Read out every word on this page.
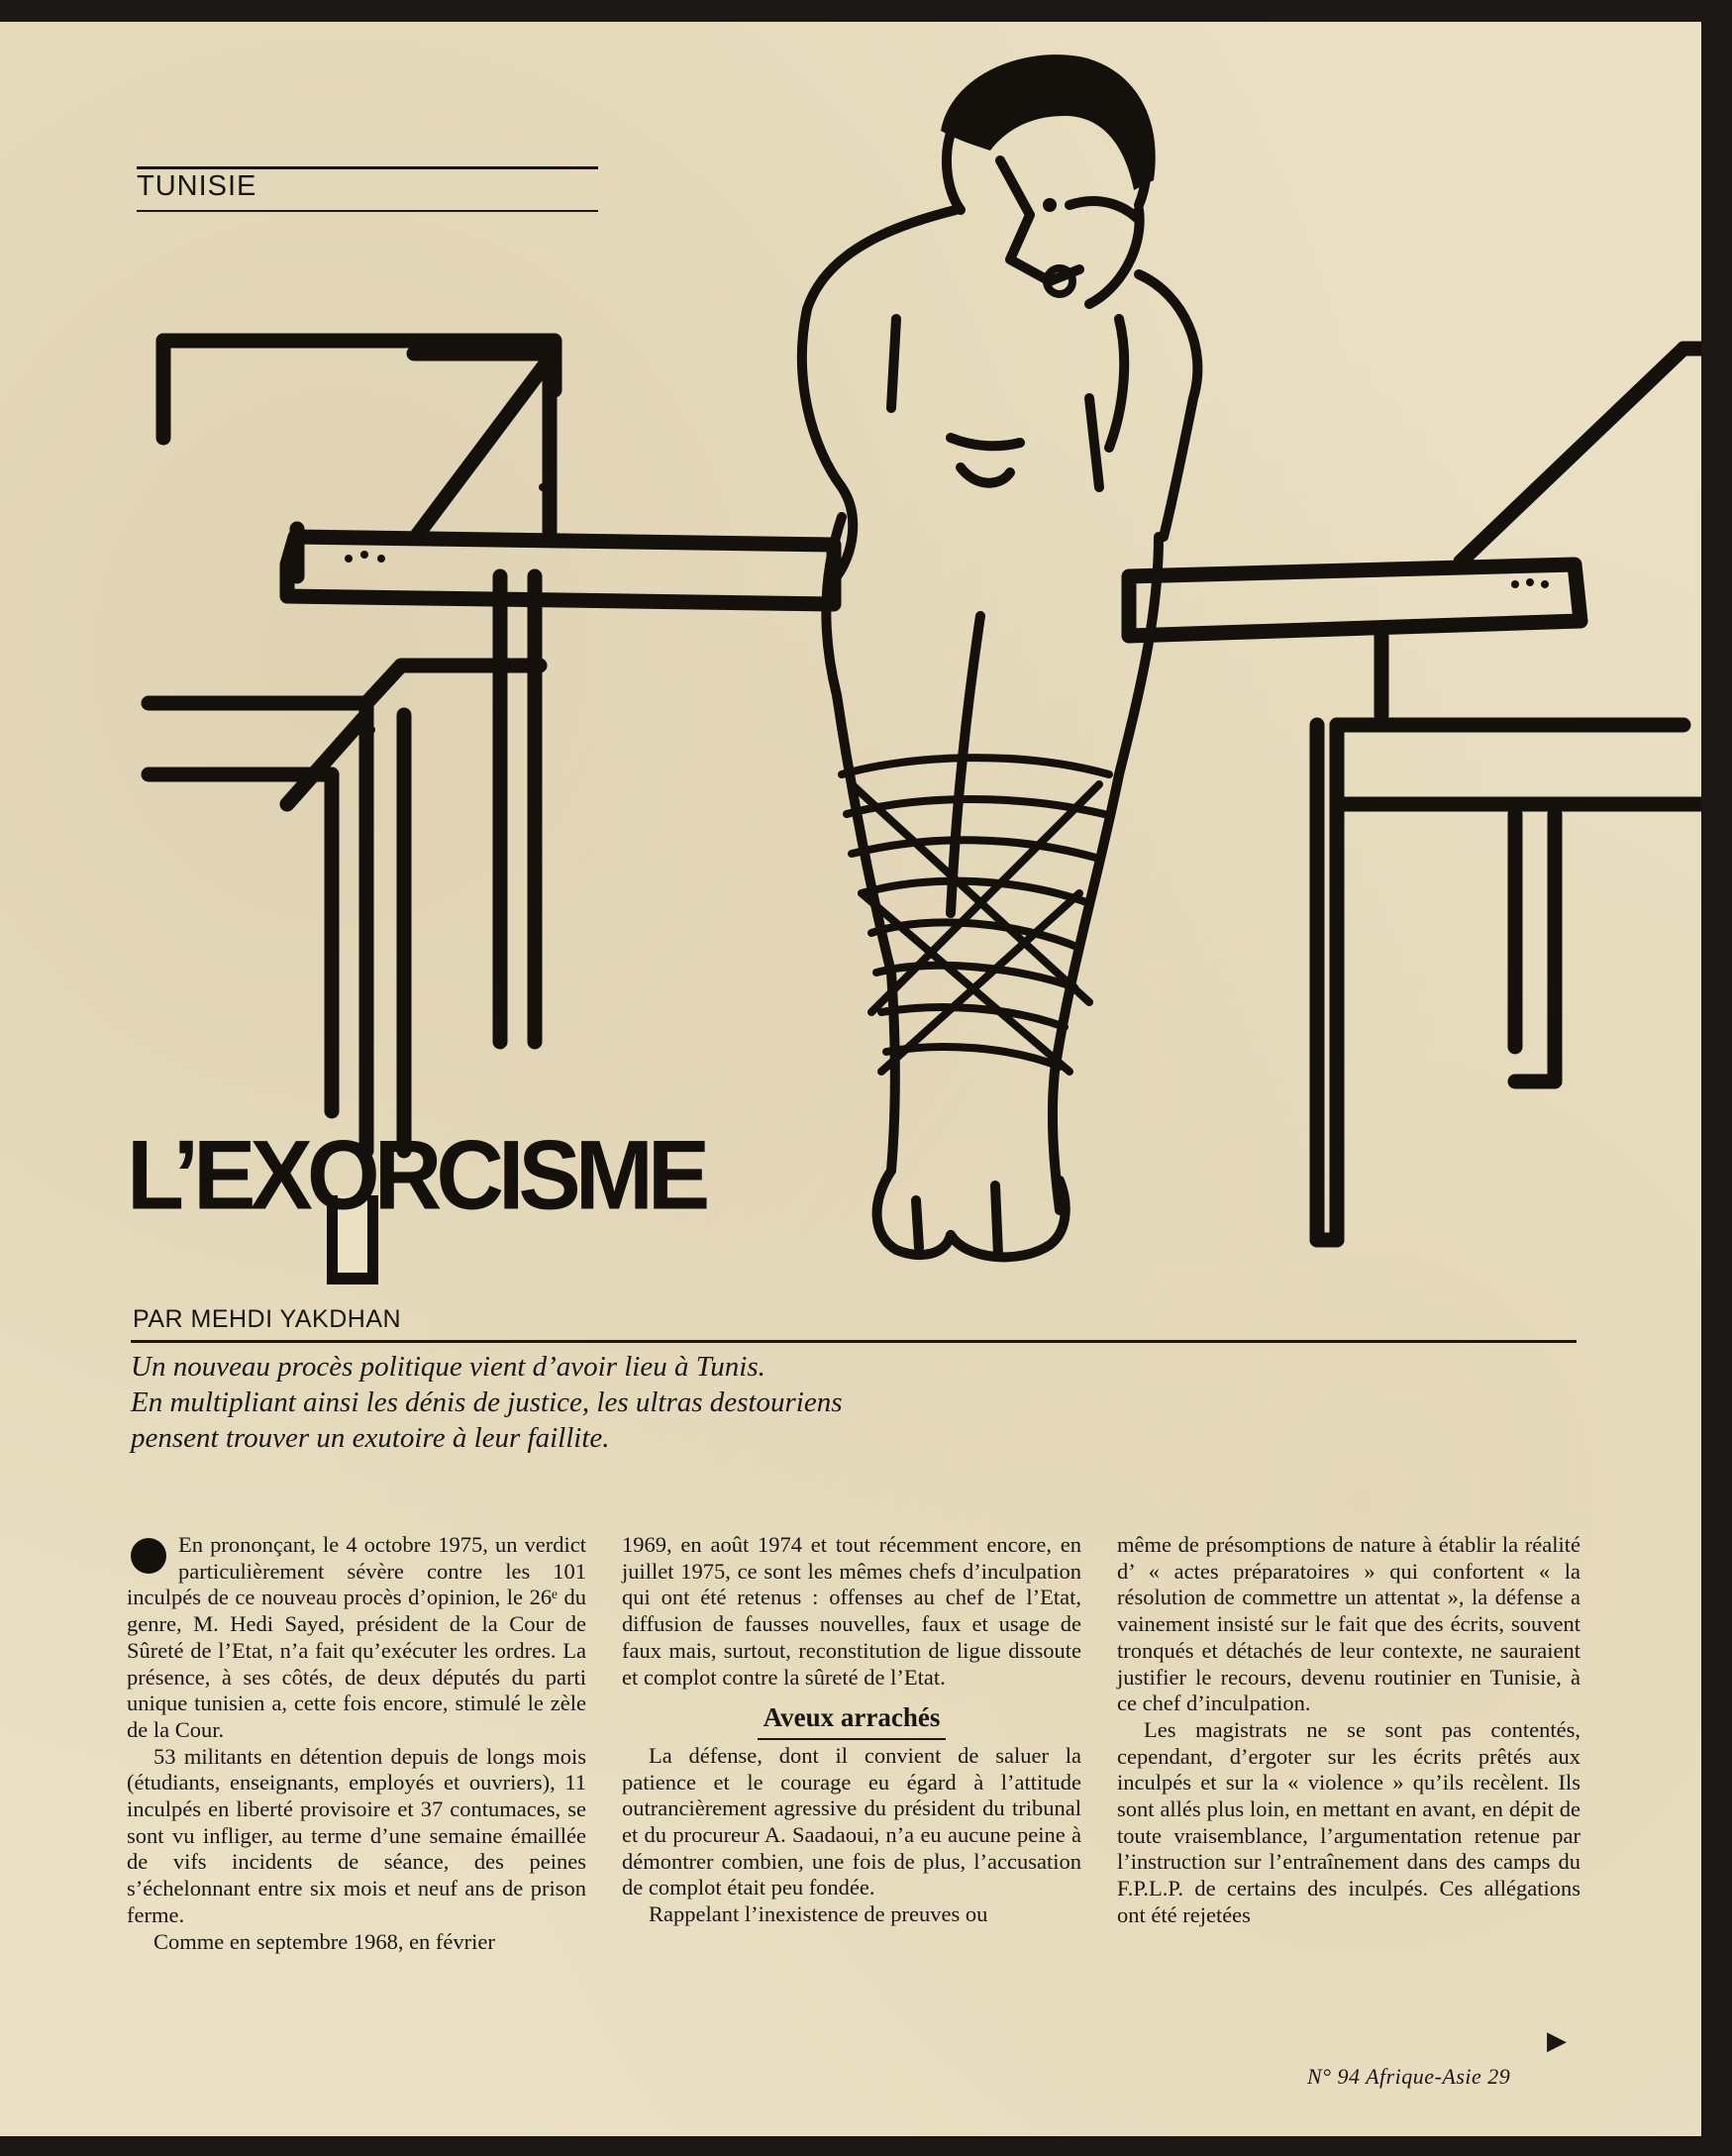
TUNISIE
L’EXORCISME
PAR MEHDI YAKDHAN
Un nouveau procès politique vient d’avoir lieu à Tunis.
En multipliant ainsi les dénis de justice, les ultras destouriens
pensent trouver un exutoire à leur faillite.

En prononçant, le 4 octobre 1975, un verdict particulièrement sévère contre les 101 inculpés de ce nouveau procès d’opinion, le 26ᵉ du genre, M. Hedi Sayed, président de la Cour de Sûreté de l’Etat, n’a fait qu’exécuter les ordres. La présence, à ses côtés, de deux députés du parti unique tunisien a, cette fois encore, stimulé le zèle de la Cour.

53 militants en détention depuis de longs mois (étudiants, enseignants, employés et ouvriers), 11 inculpés en liberté provisoire et 37 contumaces, se sont vu infliger, au terme d’une semaine émaillée de vifs incidents de séance, des peines s’échelonnant entre six mois et neuf ans de prison ferme.

Comme en septembre 1968, en février

1969, en août 1974 et tout récemment encore, en juillet 1975, ce sont les mêmes chefs d’inculpation qui ont été retenus : offenses au chef de l’Etat, diffusion de fausses nouvelles, faux et usage de faux mais, surtout, reconstitution de ligue dissoute et complot contre la sûreté de l’Etat.

Aveux arrachés

La défense, dont il convient de saluer la patience et le courage eu égard à l’attitude outrancièrement agressive du président du tribunal et du procureur A. Saadaoui, n’a eu aucune peine à démontrer combien, une fois de plus, l’accusation de complot était peu fondée.

Rappelant l’inexistence de preuves ou

même de présomptions de nature à établir la réalité d’ « actes préparatoires » qui confortent « la résolution de commettre un attentat », la défense a vainement insisté sur le fait que des écrits, souvent tronqués et détachés de leur contexte, ne sauraient justifier le recours, devenu routinier en Tunisie, à ce chef d’inculpation.

Les magistrats ne se sont pas contentés, cependant, d’ergoter sur les écrits prêtés aux inculpés et sur la « violence » qu’ils recèlent. Ils sont allés plus loin, en mettant en avant, en dépit de toute vraisemblance, l’argumentation retenue par l’instruction sur l’entraînement dans des camps du F.P.L.P. de certains des inculpés. Ces allégations ont été rejetées

▶
N° 94 Afrique-Asie 29
